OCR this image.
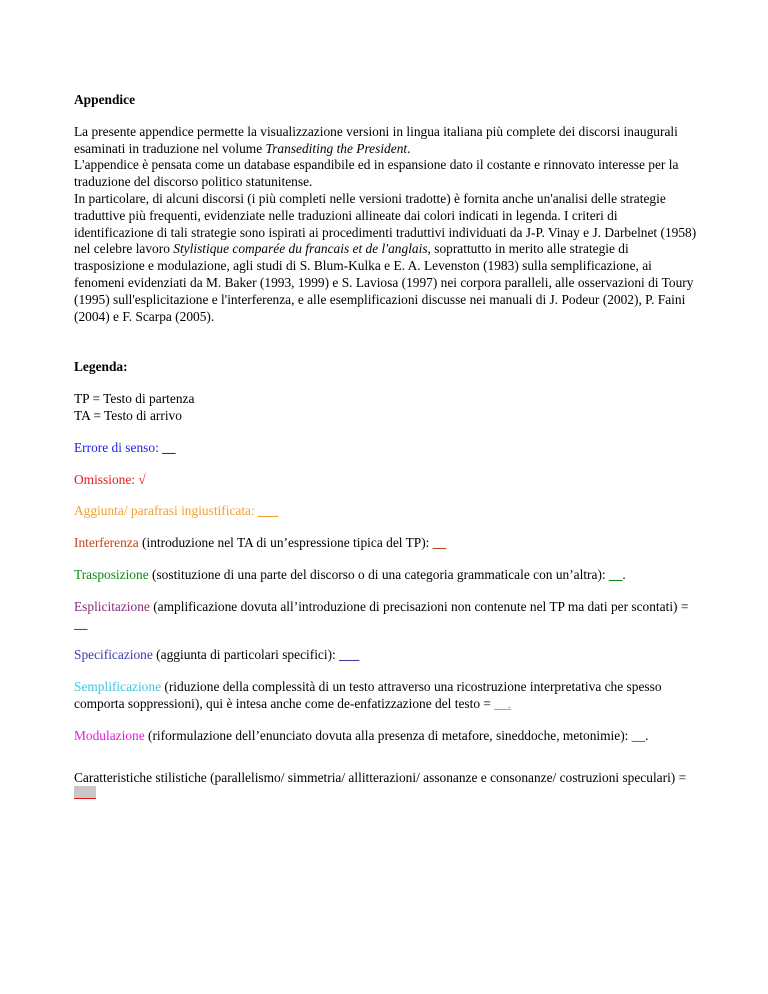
Appendice

La presente appendice permette la visualizzazione versioni in lingua italiana più complete dei discorsi inaugurali esaminati in traduzione nel volume Transediting the President.

L'appendice è pensata come un database espandibile ed in espansione dato il costante e rinnovato interesse per la traduzione del discorso politico statunitense.

In particolare, di alcuni discorsi (i più completi nelle versioni tradotte) è fornita anche un'analisi delle strategie traduttive più frequenti, evidenziate nelle traduzioni allineate dai colori indicati in legenda. I criteri di identificazione di tali strategie sono ispirati ai procedimenti traduttivi individuati da J-P. Vinay e J. Darbelnet (1958) nel celebre lavoro Stylistique comparée du francais et de l'anglais, soprattutto in merito alle strategie di trasposizione e modulazione, agli studi di S. Blum-Kulka e E. A. Levenston (1983) sulla semplificazione, ai fenomeni evidenziati da M. Baker (1993, 1999) e S. Laviosa (1997) nei corpora paralleli, alle osservazioni di Toury (1995) sull'esplicitazione e l'interferenza, e alle esemplificazioni discusse nei manuali di J. Podeur (2002), P. Faini (2004) e F. Scarpa (2005).

Legenda:

TP = Testo di partenza
TA = Testo di arrivo

Errore di senso: __

Omissione: √

Aggiunta/ parafrasi ingiustificata: ___

Interferenza (introduzione nel TA di un’espressione tipica del TP): __

Trasposizione (sostituzione di una parte del discorso o di una categoria grammaticale con un’altra): __.

Esplicitazione (amplificazione dovuta all’introduzione di precisazioni non contenute nel TP ma dati per scontati) = __

Specificazione (aggiunta di particolari specifici): ___

Semplificazione (riduzione della complessità di un testo attraverso una ricostruzione interpretativa che spesso comporta soppressioni), qui è intesa anche come de-enfatizzazione del testo = __.

Modulazione (riformulazione dell’enunciato dovuta alla presenza di metafore, sineddoche, metonimie): __.

Caratteristiche stilistiche (parallelismo/ simmetria/ allitterazioni/ assonanze e consonanze/ costruzioni speculari) =
